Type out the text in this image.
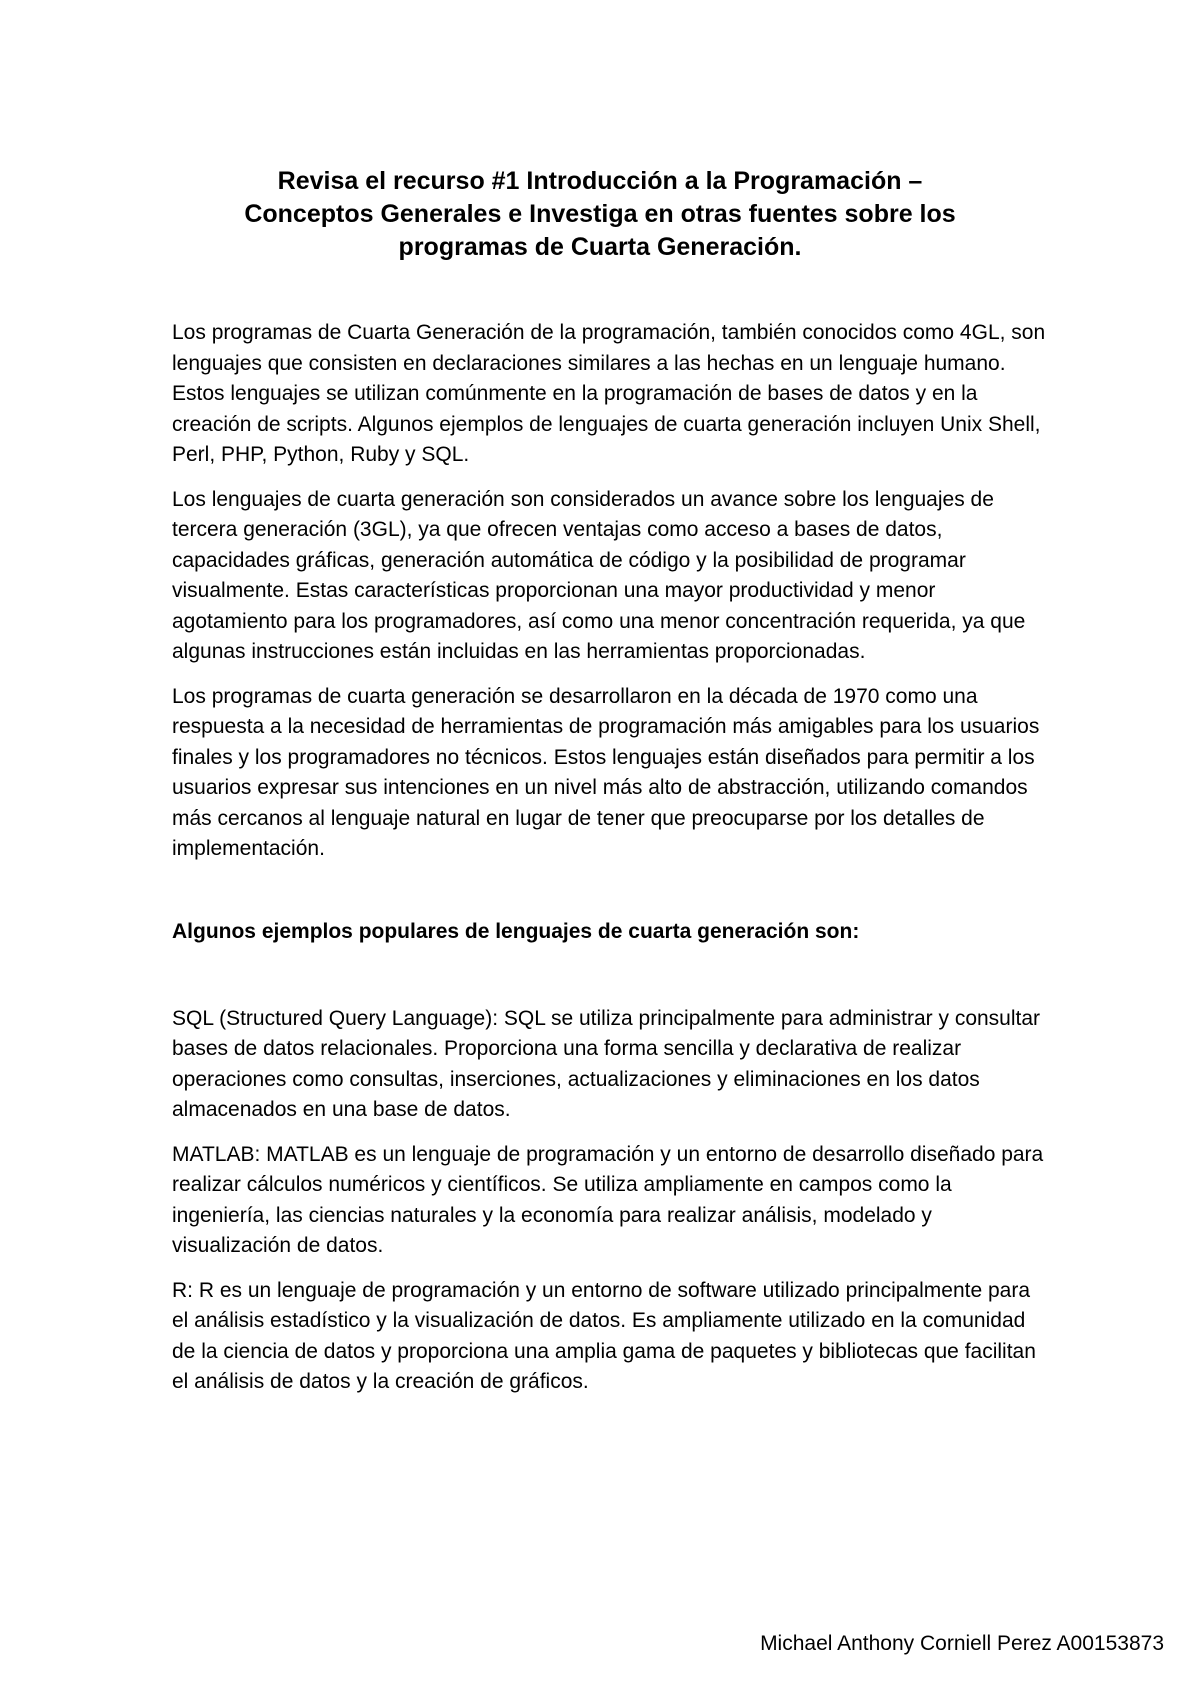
Revisa el recurso #1 Introducción a la Programación –
Conceptos Generales e Investiga en otras fuentes sobre los
programas de Cuarta Generación.

Los programas de Cuarta Generación de la programación, también conocidos como 4GL, son lenguajes que consisten en declaraciones similares a las hechas en un lenguaje humano. Estos lenguajes se utilizan comúnmente en la programación de bases de datos y en la creación de scripts. Algunos ejemplos de lenguajes de cuarta generación incluyen Unix Shell, Perl, PHP, Python, Ruby y SQL.

Los lenguajes de cuarta generación son considerados un avance sobre los lenguajes de tercera generación (3GL), ya que ofrecen ventajas como acceso a bases de datos, capacidades gráficas, generación automática de código y la posibilidad de programar visualmente. Estas características proporcionan una mayor productividad y menor agotamiento para los programadores, así como una menor concentración requerida, ya que algunas instrucciones están incluidas en las herramientas proporcionadas.

Los programas de cuarta generación se desarrollaron en la década de 1970 como una respuesta a la necesidad de herramientas de programación más amigables para los usuarios finales y los programadores no técnicos. Estos lenguajes están diseñados para permitir a los usuarios expresar sus intenciones en un nivel más alto de abstracción, utilizando comandos más cercanos al lenguaje natural en lugar de tener que preocuparse por los detalles de implementación.

Algunos ejemplos populares de lenguajes de cuarta generación son:

SQL (Structured Query Language): SQL se utiliza principalmente para administrar y consultar bases de datos relacionales. Proporciona una forma sencilla y declarativa de realizar operaciones como consultas, inserciones, actualizaciones y eliminaciones en los datos almacenados en una base de datos.

MATLAB: MATLAB es un lenguaje de programación y un entorno de desarrollo diseñado para realizar cálculos numéricos y científicos. Se utiliza ampliamente en campos como la ingeniería, las ciencias naturales y la economía para realizar análisis, modelado y visualización de datos.

R: R es un lenguaje de programación y un entorno de software utilizado principalmente para el análisis estadístico y la visualización de datos. Es ampliamente utilizado en la comunidad de la ciencia de datos y proporciona una amplia gama de paquetes y bibliotecas que facilitan el análisis de datos y la creación de gráficos.

Michael Anthony Corniell Perez A00153873
